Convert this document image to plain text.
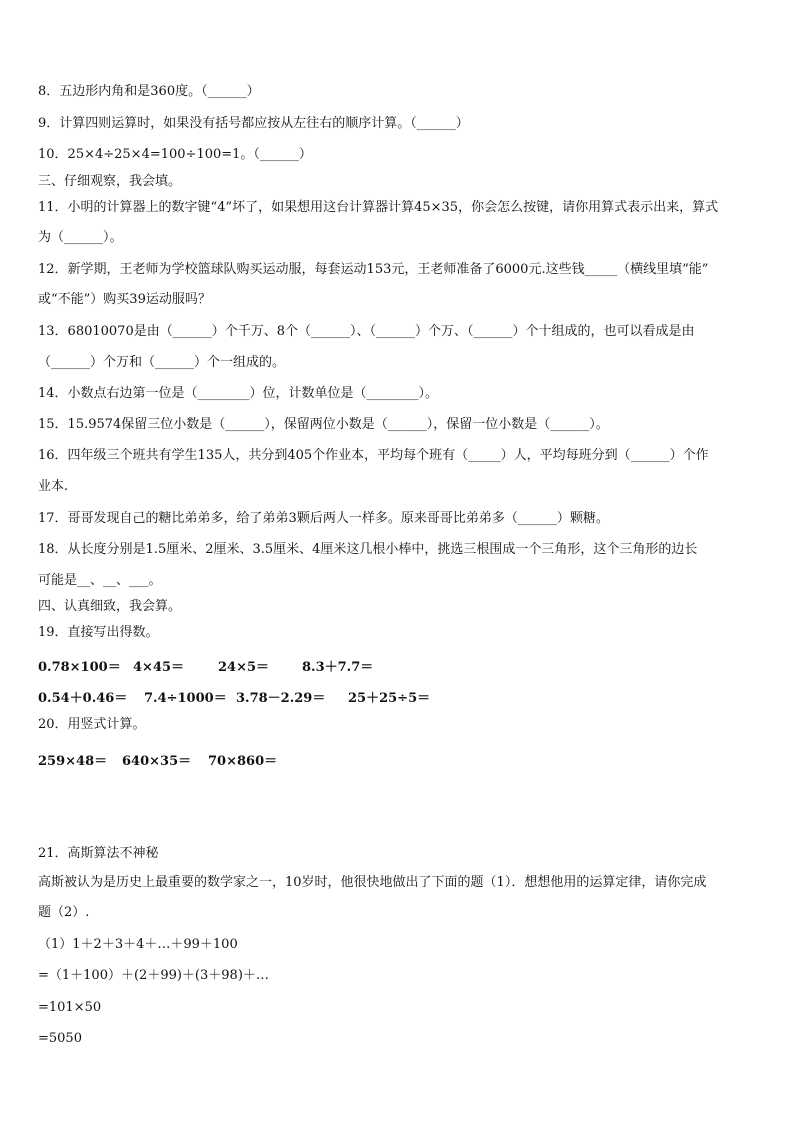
8．五边形内角和是360度。（______）
9．计算四则运算时，如果没有括号都应按从左往右的顺序计算。（______）
10．25×4÷25×4=100÷100=1。（______）
三、仔细观察，我会填。
11．小明的计算器上的数字键“4”坏了，如果想用这台计算器计算45×35，你会怎么按键，请你用算式表示出来，算式
为（______）。
12．新学期，王老师为学校篮球队购买运动服，每套运动153元，王老师准备了6000元.这些钱_____（横线里填“能”
或“不能”）购买39运动服吗？
13．68010070是由（______）个千万、8个（______）、（______）个万、（______）个十组成的，也可以看成是由
（______）个万和（______）个一组成的。
14．小数点右边第一位是（________）位，计数单位是（________）。
15．15.9574保留三位小数是（______），保留两位小数是（______），保留一位小数是（______）。
16．四年级三个班共有学生135人，共分到405个作业本，平均每个班有（_____）人，平均每班分到（______）个作
业本.
17．哥哥发现自己的糖比弟弟多，给了弟弟3颗后两人一样多。原来哥哥比弟弟多（______）颗糖。
18．从长度分别是1.5厘米、2厘米、3.5厘米、4厘米这几根小棒中，挑选三根围成一个三角形，这个三角形的边长
可能是__、__、___。
四、认真细致，我会算。
19．直接写出得数。
0.78×100＝ 4×45＝	24×5＝	8.3＋7.7＝
0.54＋0.46＝ 7.4÷1000＝ 3.78－2.29＝ 25＋25÷5＝
20．用竖式计算。
259×48＝ 640×35＝ 70×860＝
21．高斯算法不神秘
高斯被认为是历史上最重要的数学家之一，10岁时，他很快地做出了下面的题（1）．想想他用的运算定律，请你完成
题（2）.
（1）1＋2＋3＋4＋…＋99＋100
=（1＋100）＋(2＋99)＋(3＋98)＋…
=101×50
=5050
